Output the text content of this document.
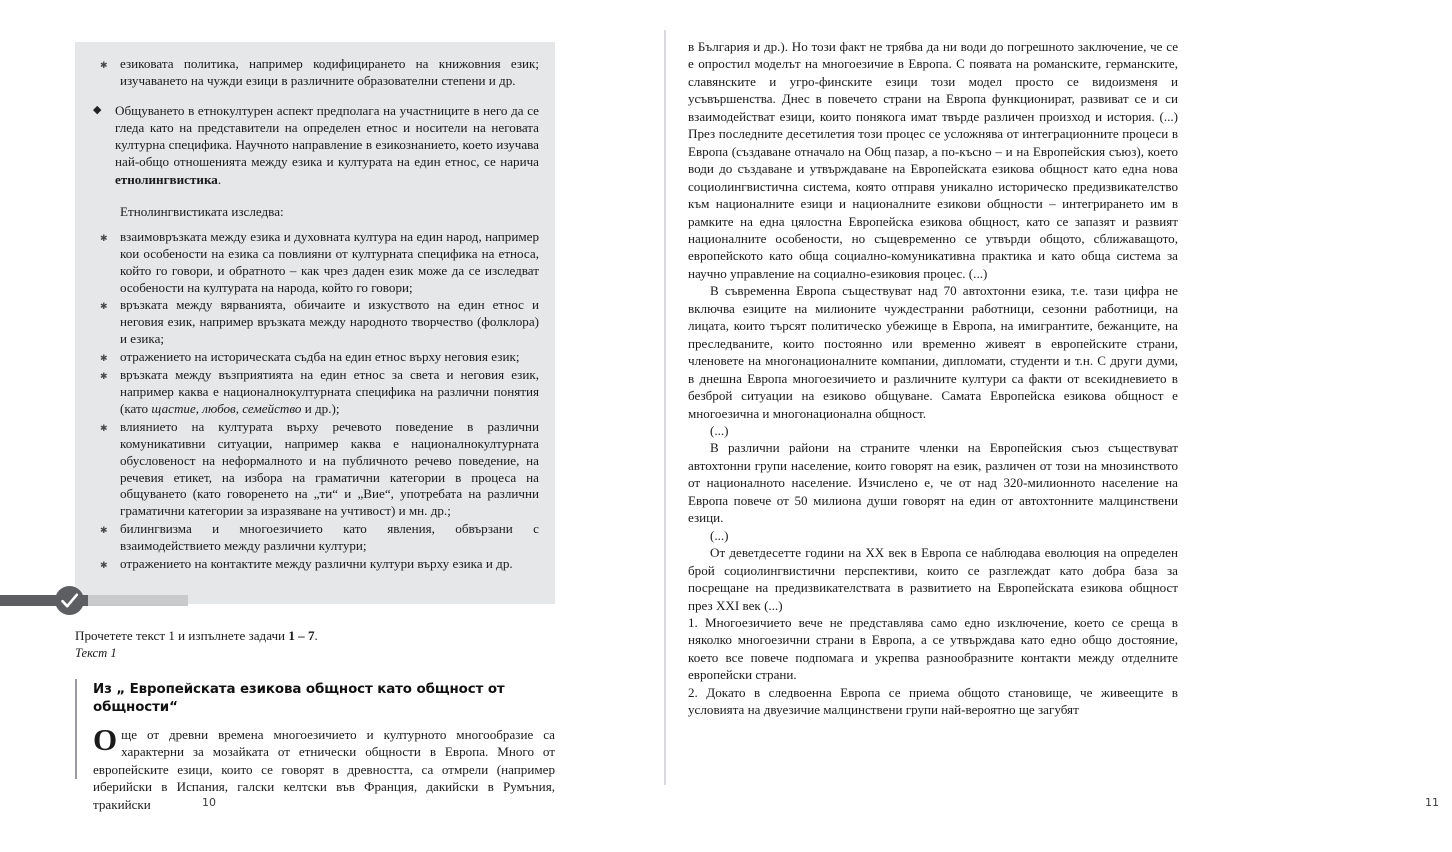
✱ езиковата политика, например кодифицирането на книжовния език; изучаването на чужди езици в различните образователни степени и др.
◆ Общуването в етнокултурен аспект предполага на участниците в него да се гледа като на представители на определен етнос и носители на неговата културна специфика. Научното направление в езикознанието, което изучава най-общо отношенията между езика и културата на един етнос, се нарича етнолингвистика.

Етнолингвистиката изследва:

✱ взаимовръзката между езика и духовната култура на един народ, например кои особености на езика са повлияни от културната специфика на етноса, който го говори, и обратното – как чрез даден език може да се изследват особености на културата на народа, който го говори;
✱ връзката между вярванията, обичаите и изкуството на един етнос и неговия език, например връзката между народното творчество (фолклора) и езика;
✱ отражението на историческата съдба на един етнос върху неговия език;
✱ връзката между възприятията на един етнос за света и неговия език, например каква е националнокултурната специфика на различни понятия (като щастие, любов, семейство и др.);
✱ влиянието на културата върху речевото поведение в различни комуникативни ситуации, например каква е националнокултурната обусловеност на неформалното и на публичното речево поведение, на речевия етикет, на избора на граматични категории в процеса на общуването (като говоренето на „ти“ и „Вие“, употребата на различни граматични категории за изразяване на учтивост) и мн. др.;
✱ билингвизма и многоезичието като явления, обвързани с взаимодействието между различни култури;
✱ отражението на контактите между различни култури върху езика и др.

Прочетете текст 1 и изпълнете задачи 1 – 7.

Текст 1

Из „ Европейската езикова общност като общност от общности“

Още от древни времена многоезичието и културното многообразие са характерни за мозайката от етнически общности в Европа. Много от европейските езици, които се говорят в древността, са отмрели (например иберийски в Испания, галски келтски във Франция, дакийски в Румъния, тракийски	10

в България и др.). Но този факт не трябва да ни води до погрешното заключение, че се е опростил моделът на многоезичие в Европа. С появата на романските, германските, славянските и угро-финските езици този модел просто се видоизменя и усъвършенства. Днес в повечето страни на Европа функционират, развиват се и си взаимодействат езици, които понякога имат твърде различен произход и история. (...) През последните десетилетия този процес се усложнява от интеграционните процеси в Европа (създаване отначало на Общ пазар, а по-късно – и на Европейския съюз), което води до създаване и утвърждаване на Европейската езикова общност като една нова социолингвистична система, която отправя уникално историческо предизвикателство към националните езици и националните езикови общности – интегрирането им в рамките на една цялостна Европейска езикова общност, като се запазят и развият националните особености, но същевременно се утвърди общото, сближаващото, европейското като обща социално-комуникативна практика и като обща система за научно управление на социално-езиковия процес. (...)

В съвременна Европа съществуват над 70 автохтонни езика, т.е. тази цифра не включва езиците на милионите чуждестранни работници, сезонни работници, на лицата, които търсят политическо убежище в Европа, на имигрантите, бежанците, на преследваните, които постоянно или временно живеят в европейските страни, членовете на многонационалните компании, дипломати, студенти и т.н. С други думи, в днешна Европа многоезичието и различните култури са факти от всекидневието в безброй ситуации на езиково общуване. Самата Европейска езикова общност е многоезична и многонационална общност.

(...)

В различни райони на страните членки на Европейския съюз съществуват автохтонни групи население, които говорят на език, различен от този на мнозинството от националното население. Изчислено е, че от над 320-милионното население на Европа повече от 50 милиона души говорят на един от автохтонните малцинствени езици.

(...)

От деветдесетте години на XX век в Европа се наблюдава еволюция на определен брой социолингвистични перспективи, които се разглеждат като добра база за посрещане на предизвикателствата в развитието на Европейската езикова общност през XXI век (...)

1. Многоезичието вече не представлява само едно изключение, което се среща в няколко многоезични страни в Европа, а се утвърждава като едно общо достояние, което все повече подпомага и укрепва разнообразните контакти между отделните европейски страни.

2. Докато в следвоенна Европа се приема общото становище, че живеещите в условията на двуезичие малцинствени групи най-вероятно ще загубят

11
